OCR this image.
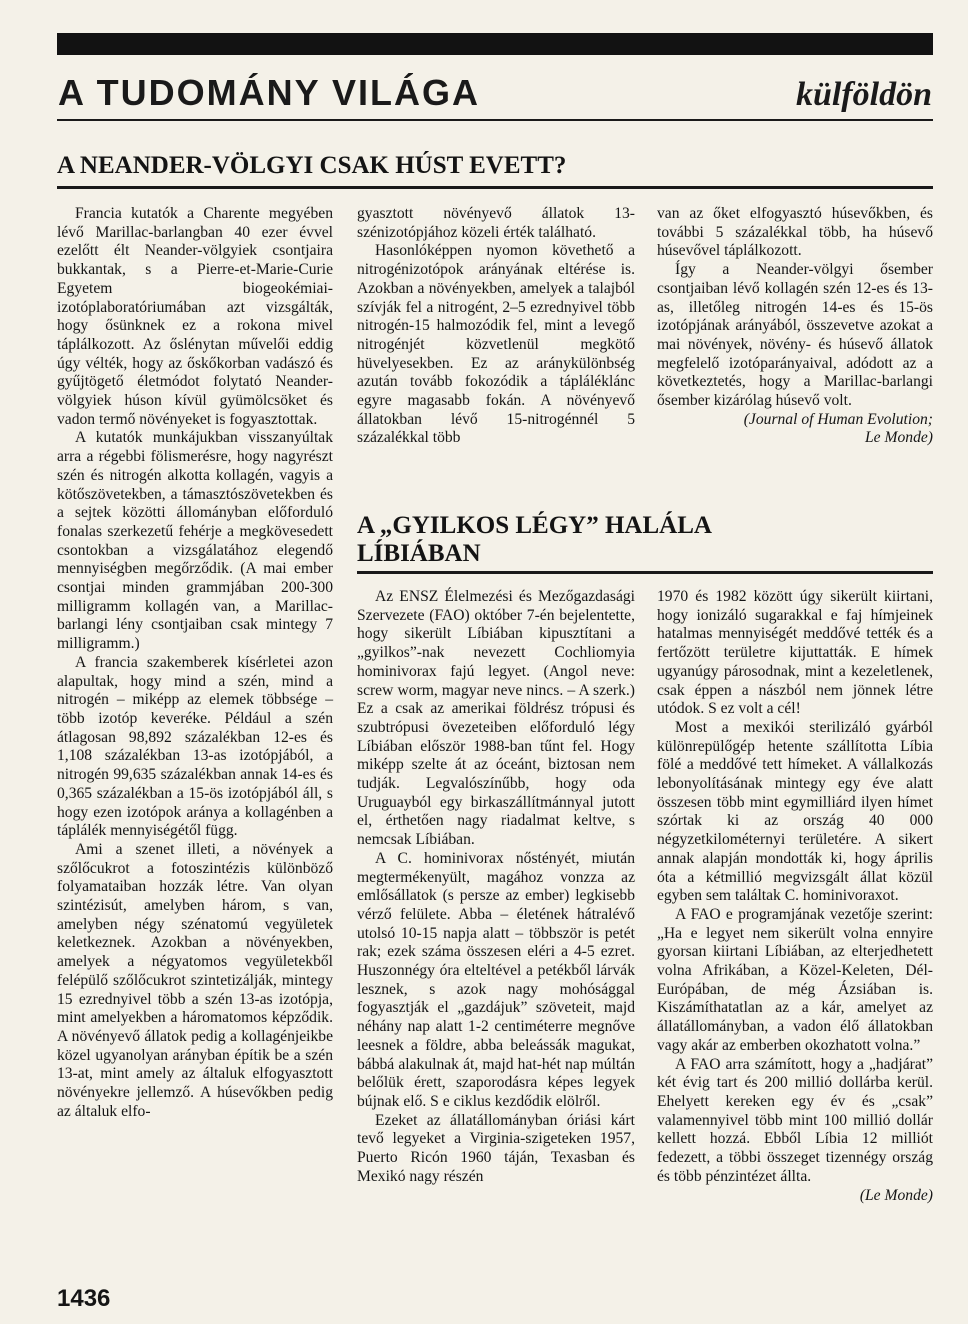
A TUDOMÁNY VILÁGA	külföldön
A NEANDER-VÖLGYI CSAK HÚST EVETT?

Francia kutatók a Charente megyében lévő Marillac-barlangban 40 ezer évvel ezelőtt élt Neander-völgyiek csontjaira bukkantak, s a Pierre-et-Marie-Curie Egyetem biogeokémiai-izotóplaboratóriumában azt vizsgálták, hogy ősünknek ez a rokona mivel táplálkozott. Az őslénytan művelői eddig úgy vélték, hogy az őskőkorban vadászó és gyűjtögető életmódot folytató Neander-völgyiek húson kívül gyümölcsöket és vadon termő növényeket is fogyasztottak.

A kutatók munkájukban visszanyúltak arra a régebbi fölismerésre, hogy nagyrészt szén és nitrogén alkotta kollagén, vagyis a kötőszövetekben, a támasztószövetekben és a sejtek közötti állományban előforduló fonalas szerkezetű fehérje a megkövesedett csontokban a vizsgálatához elegendő mennyiségben megőrződik. (A mai ember csontjai minden grammjában 200-300 milligramm kollagén van, a Marillac-barlangi lény csontjaiban csak mintegy 7 milligramm.)

A francia szakemberek kísérletei azon alapultak, hogy mind a szén, mind a nitrogén – miképp az elemek többsége – több izotóp keveréke. Például a szén átlagosan 98,892 százalékban 12-es és 1,108 százalékban 13-as izotópjából, a nitrogén 99,635 százalékban annak 14-es és 0,365 százalékban a 15-ös izotópjából áll, s hogy ezen izotópok aránya a kollagénben a táplálék mennyiségétől függ.

Ami a szenet illeti, a növények a szőlőcukrot a fotoszintézis különböző folyamataiban hozzák létre. Van olyan szintézisút, amelyben három, s van, amelyben négy szénatomú vegyületek keletkeznek. Azokban a növényekben, amelyek a négyatomos vegyületekből felépülő szőlőcukrot szintetizálják, mintegy 15 ezrednyivel több a szén 13-as izotópja, mint amelyekben a háromatomos képződik. A növényevő állatok pedig a kollagénjeikbe közel ugyanolyan arányban építik be a szén 13-at, mint amely az általuk elfogyasztott növényekre jellemző. A húsevőkben pedig az általuk elfo-

gyasztott növényevő állatok 13-szénizotópjához közeli érték található.

Hasonlóképpen nyomon követhető a nitrogénizotópok arányának eltérése is. Azokban a növényekben, amelyek a talajból szívják fel a nitrogént, 2–5 ezrednyivel több nitrogén-15 halmozódik fel, mint a levegő nitrogénjét közvetlenül megkötő hüvelyesekben. Ez az aránykülönbség azután tovább fokozódik a tápláléklánc egyre magasabb fokán. A növényevő állatokban lévő 15-nitrogénnél 5 százalékkal több

van az őket elfogyasztó húsevőkben, és további 5 százalékkal több, ha húsevő húsevővel táplálkozott.

Így a Neander-völgyi ősember csontjaiban lévő kollagén szén 12-es és 13-as, illetőleg nitrogén 14-es és 15-ös izotópjának arányából, összevetve azokat a mai növények, növény- és húsevő állatok megfelelő izotóparányaival, adódott az a következtetés, hogy a Marillac-barlangi ősember kizárólag húsevő volt.

(Journal of Human Evolution;
Le Monde)
A „GYILKOS LÉGY” HALÁLA LÍBIÁBAN

Az ENSZ Élelmezési és Mezőgazdasági Szervezete (FAO) október 7-én bejelentette, hogy sikerült Líbiában kipusztítani a „gyilkos”-nak nevezett Cochliomyia hominivorax fajú legyet. (Angol neve: screw worm, magyar neve nincs. – A szerk.) Ez a csak az amerikai földrész trópusi és szubtrópusi övezeteiben előforduló légy Líbiában először 1988-ban tűnt fel. Hogy miképp szelte át az óceánt, biztosan nem tudják. Legvalószínűbb, hogy oda Uruguayból egy birkaszállítmánnyal jutott el, érthetően nagy riadalmat keltve, s nemcsak Líbiában.

A C. hominivorax nőstényét, miután megtermékenyült, magához vonzza az emlősállatok (s persze az ember) legkisebb vérző felülete. Abba – életének hátralévő utolsó 10-15 napja alatt – többször is petét rak; ezek száma összesen eléri a 4-5 ezret. Huszonnégy óra elteltével a petékből lárvák lesznek, s azok nagy mohósággal fogyasztják el „gazdájuk” szöveteit, majd néhány nap alatt 1-2 centiméterre megnőve leesnek a földre, abba beleássák magukat, bábbá alakulnak át, majd hat-hét nap múltán belőlük érett, szaporodásra képes legyek bújnak elő. S e ciklus kezdődik elölről.

Ezeket az állatállományban óriási kárt tevő legyeket a Virginia-szigeteken 1957, Puerto Ricón 1960 táján, Texasban és Mexikó nagy részén

1970 és 1982 között úgy sikerült kiirtani, hogy ionizáló sugarakkal e faj hímjeinek hatalmas mennyiségét meddővé tették és a fertőzött területre kijuttatták. E hímek ugyanúgy párosodnak, mint a kezeletlenek, csak éppen a nászból nem jönnek létre utódok. S ez volt a cél!

Most a mexikói sterilizáló gyárból különrepülőgép hetente szállította Líbia fölé a meddővé tett hímeket. A vállalkozás lebonyolításának mintegy egy éve alatt összesen több mint egymilliárd ilyen hímet szórtak ki az ország 40 000 négyzetkilométernyi területére. A sikert annak alapján mondották ki, hogy április óta a kétmillió megvizsgált állat közül egyben sem találtak C. hominivoraxot.

A FAO e programjának vezetője szerint: „Ha e legyet nem sikerült volna ennyire gyorsan kiirtani Líbiában, az elterjedhetett volna Afrikában, a Közel-Keleten, Dél-Európában, de még Ázsiában is. Kiszámíthatatlan az a kár, amelyet az állatállományban, a vadon élő állatokban vagy akár az emberben okozhatott volna.”

A FAO arra számított, hogy a „hadjárat” két évig tart és 200 millió dollárba kerül. Ehelyett kereken egy év és „csak” valamennyivel több mint 100 millió dollár kellett hozzá. Ebből Líbia 12 milliót fedezett, a többi összeget tizennégy ország és több pénzintézet állta.

(Le Monde)
1436
